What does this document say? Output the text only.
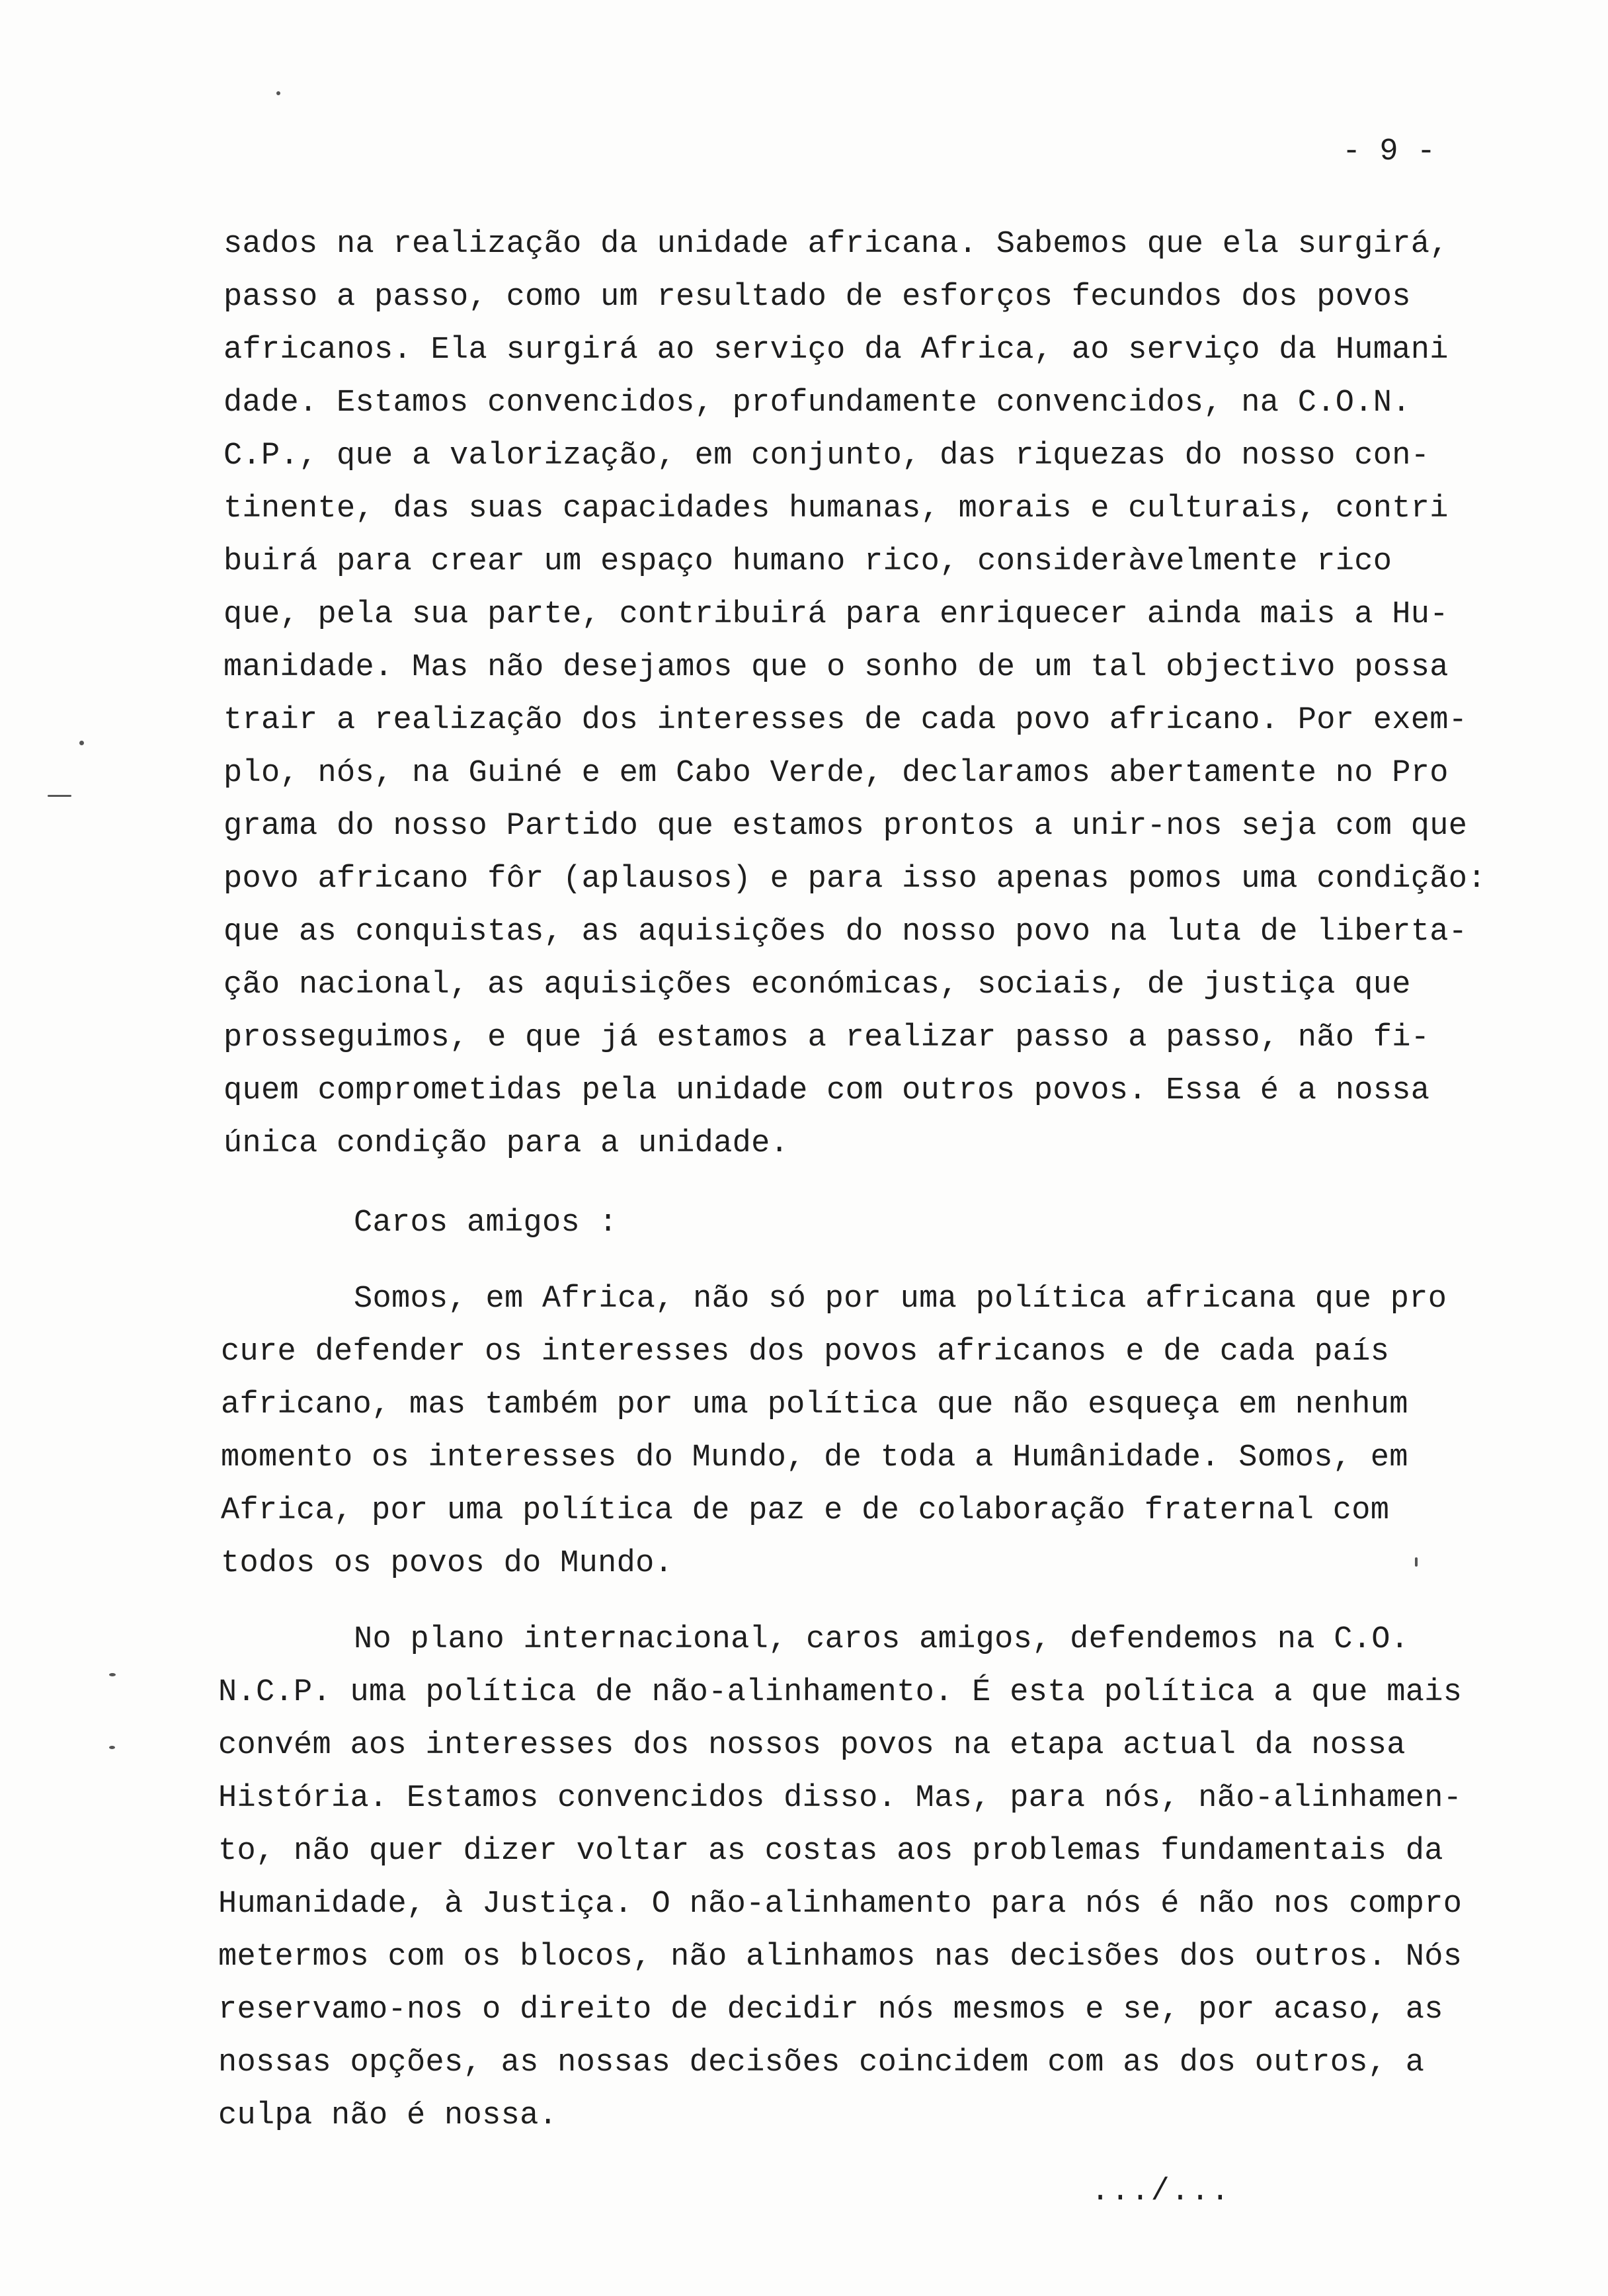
- 9 -
sados na realização da unidade africana. Sabemos que ela surgirá,
passo a passo, como um resultado de esforços fecundos dos povos
africanos. Ela surgirá ao serviço da Africa, ao serviço da Humani
dade. Estamos convencidos, profundamente convencidos, na C.O.N.
C.P., que a valorização, em conjunto, das riquezas do nosso con-
tinente, das suas capacidades humanas, morais e culturais, contri
buirá para crear um espaço humano rico, consideràvelmente rico
que, pela sua parte, contribuirá para enriquecer ainda mais a Hu-
manidade. Mas não desejamos que o sonho de um tal objectivo possa
trair a realização dos interesses de cada povo africano. Por exem-
plo, nós, na Guiné e em Cabo Verde, declaramos abertamente no Pro
grama do nosso Partido que estamos prontos a unir-nos seja com que
povo africano fôr (aplausos) e para isso apenas pomos uma condição:
que as conquistas, as aquisições do nosso povo na luta de liberta-
ção nacional, as aquisições económicas, sociais, de justiça que
prosseguimos, e que já estamos a realizar passo a passo, não fi-
quem comprometidas pela unidade com outros povos. Essa é a nossa
única condição para a unidade.
Caros amigos :
Somos, em Africa, não só por uma política africana que pro
cure defender os interesses dos povos africanos e de cada país
africano, mas também por uma política que não esqueça em nenhum
momento os interesses do Mundo, de toda a Humânidade. Somos, em
Africa, por uma política de paz e de colaboração fraternal com
todos os povos do Mundo.
No plano internacional, caros amigos, defendemos na C.O.
N.C.P. uma política de não-alinhamento. É esta política a que mais
convém aos interesses dos nossos povos na etapa actual da nossa
História. Estamos convencidos disso. Mas, para nós, não-alinhamen-
to, não quer dizer voltar as costas aos problemas fundamentais da
Humanidade, à Justiça. O não-alinhamento para nós é não nos compro
metermos com os blocos, não alinhamos nas decisões dos outros. Nós
reservamo-nos o direito de decidir nós mesmos e se, por acaso, as
nossas opções, as nossas decisões coincidem com as dos outros, a
culpa não é nossa.
.../...
